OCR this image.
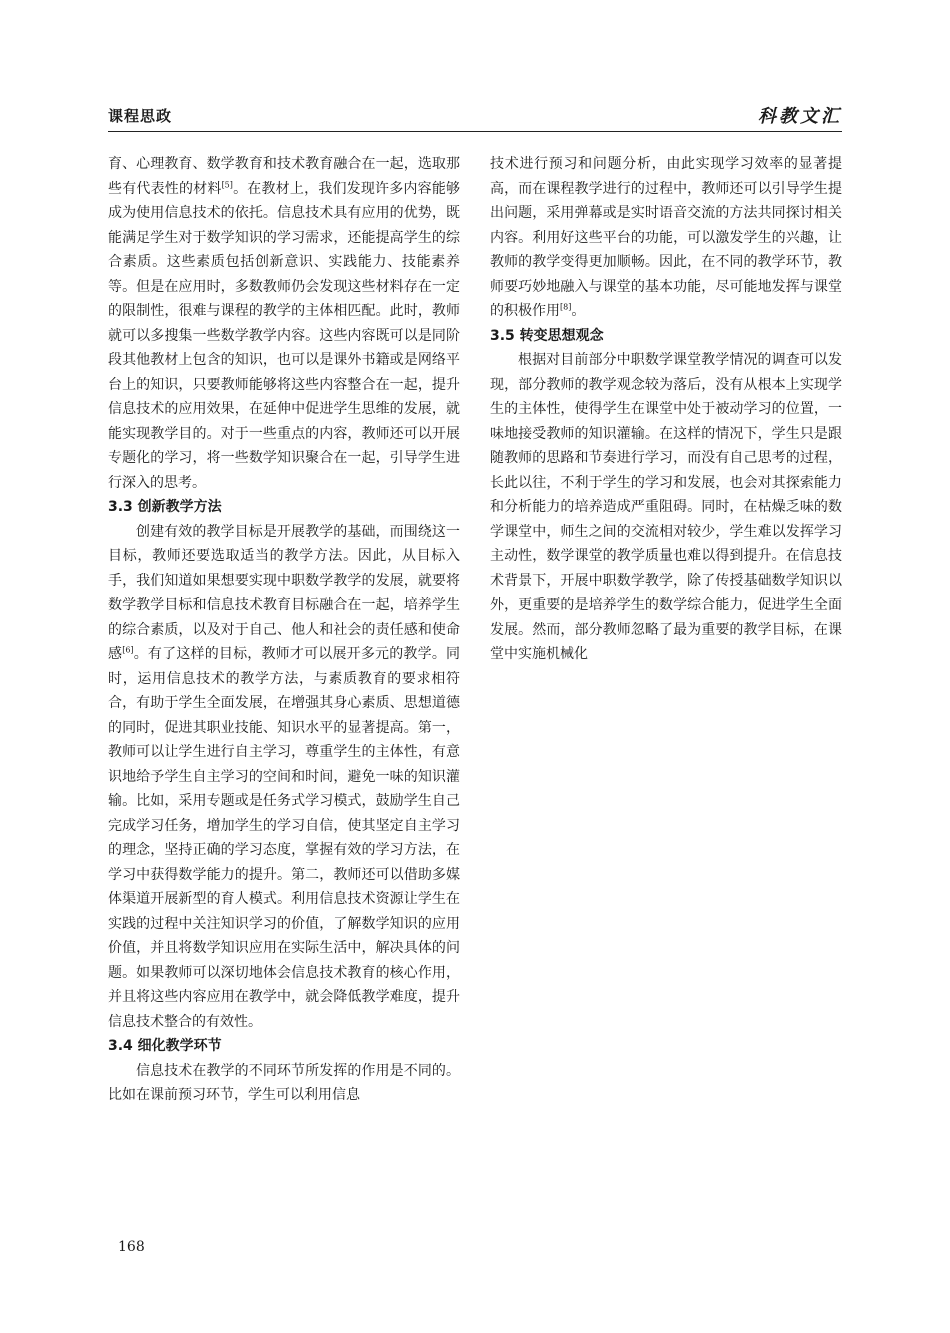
课程思政	科教文汇

育、心理教育、数学教育和技术教育融合在一起，选取那些有代表性的材料[5]。在教材上，我们发现许多内容能够成为使用信息技术的依托。信息技术具有应用的优势，既能满足学生对于数学知识的学习需求，还能提高学生的综合素质。这些素质包括创新意识、实践能力、技能素养等。但是在应用时，多数教师仍会发现这些材料存在一定的限制性，很难与课程的教学的主体相匹配。此时，教师就可以多搜集一些数学教学内容。这些内容既可以是同阶段其他教材上包含的知识，也可以是课外书籍或是网络平台上的知识，只要教师能够将这些内容整合在一起，提升信息技术的应用效果，在延伸中促进学生思维的发展，就能实现教学目的。对于一些重点的内容，教师还可以开展专题化的学习，将一些数学知识聚合在一起，引导学生进行深入的思考。

3.3 创新教学方法

创建有效的教学目标是开展教学的基础，而围绕这一目标，教师还要选取适当的教学方法。因此，从目标入手，我们知道如果想要实现中职数学教学的发展，就要将数学教学目标和信息技术教育目标融合在一起，培养学生的综合素质，以及对于自己、他人和社会的责任感和使命感[6]。有了这样的目标，教师才可以展开多元的教学。同时，运用信息技术的教学方法，与素质教育的要求相符合，有助于学生全面发展，在增强其身心素质、思想道德的同时，促进其职业技能、知识水平的显著提高。第一，教师可以让学生进行自主学习，尊重学生的主体性，有意识地给予学生自主学习的空间和时间，避免一味的知识灌输。比如，采用专题或是任务式学习模式，鼓励学生自己完成学习任务，增加学生的学习自信，使其坚定自主学习的理念，坚持正确的学习态度，掌握有效的学习方法，在学习中获得数学能力的提升。第二，教师还可以借助多媒体渠道开展新型的育人模式。利用信息技术资源让学生在实践的过程中关注知识学习的价值，了解数学知识的应用价值，并且将数学知识应用在实际生活中，解决具体的问题。如果教师可以深切地体会信息技术教育的核心作用，并且将这些内容应用在教学中，就会降低教学难度，提升信息技术整合的有效性。

3.4 细化教学环节

信息技术在教学的不同环节所发挥的作用是不同的。比如在课前预习环节，学生可以利用信息

技术进行预习和问题分析，由此实现学习效率的显著提高，而在课程教学进行的过程中，教师还可以引导学生提出问题，采用弹幕或是实时语音交流的方法共同探讨相关内容。利用好这些平台的功能，可以激发学生的兴趣，让教师的教学变得更加顺畅。因此，在不同的教学环节，教师要巧妙地融入与课堂的基本功能，尽可能地发挥与课堂的积极作用[8]。

3.5 转变思想观念

根据对目前部分中职数学课堂教学情况的调查可以发现，部分教师的教学观念较为落后，没有从根本上实现学生的主体性，使得学生在课堂中处于被动学习的位置，一味地接受教师的知识灌输。在这样的情况下，学生只是跟随教师的思路和节奏进行学习，而没有自己思考的过程，长此以往，不利于学生的学习和发展，也会对其探索能力和分析能力的培养造成严重阻碍。同时，在枯燥乏味的数学课堂中，师生之间的交流相对较少，学生难以发挥学习主动性，数学课堂的教学质量也难以得到提升。在信息技术背景下，开展中职数学教学，除了传授基础数学知识以外，更重要的是培养学生的数学综合能力，促进学生全面发展。然而，部分教师忽略了最为重要的教学目标，在课堂中实施机械化

168
